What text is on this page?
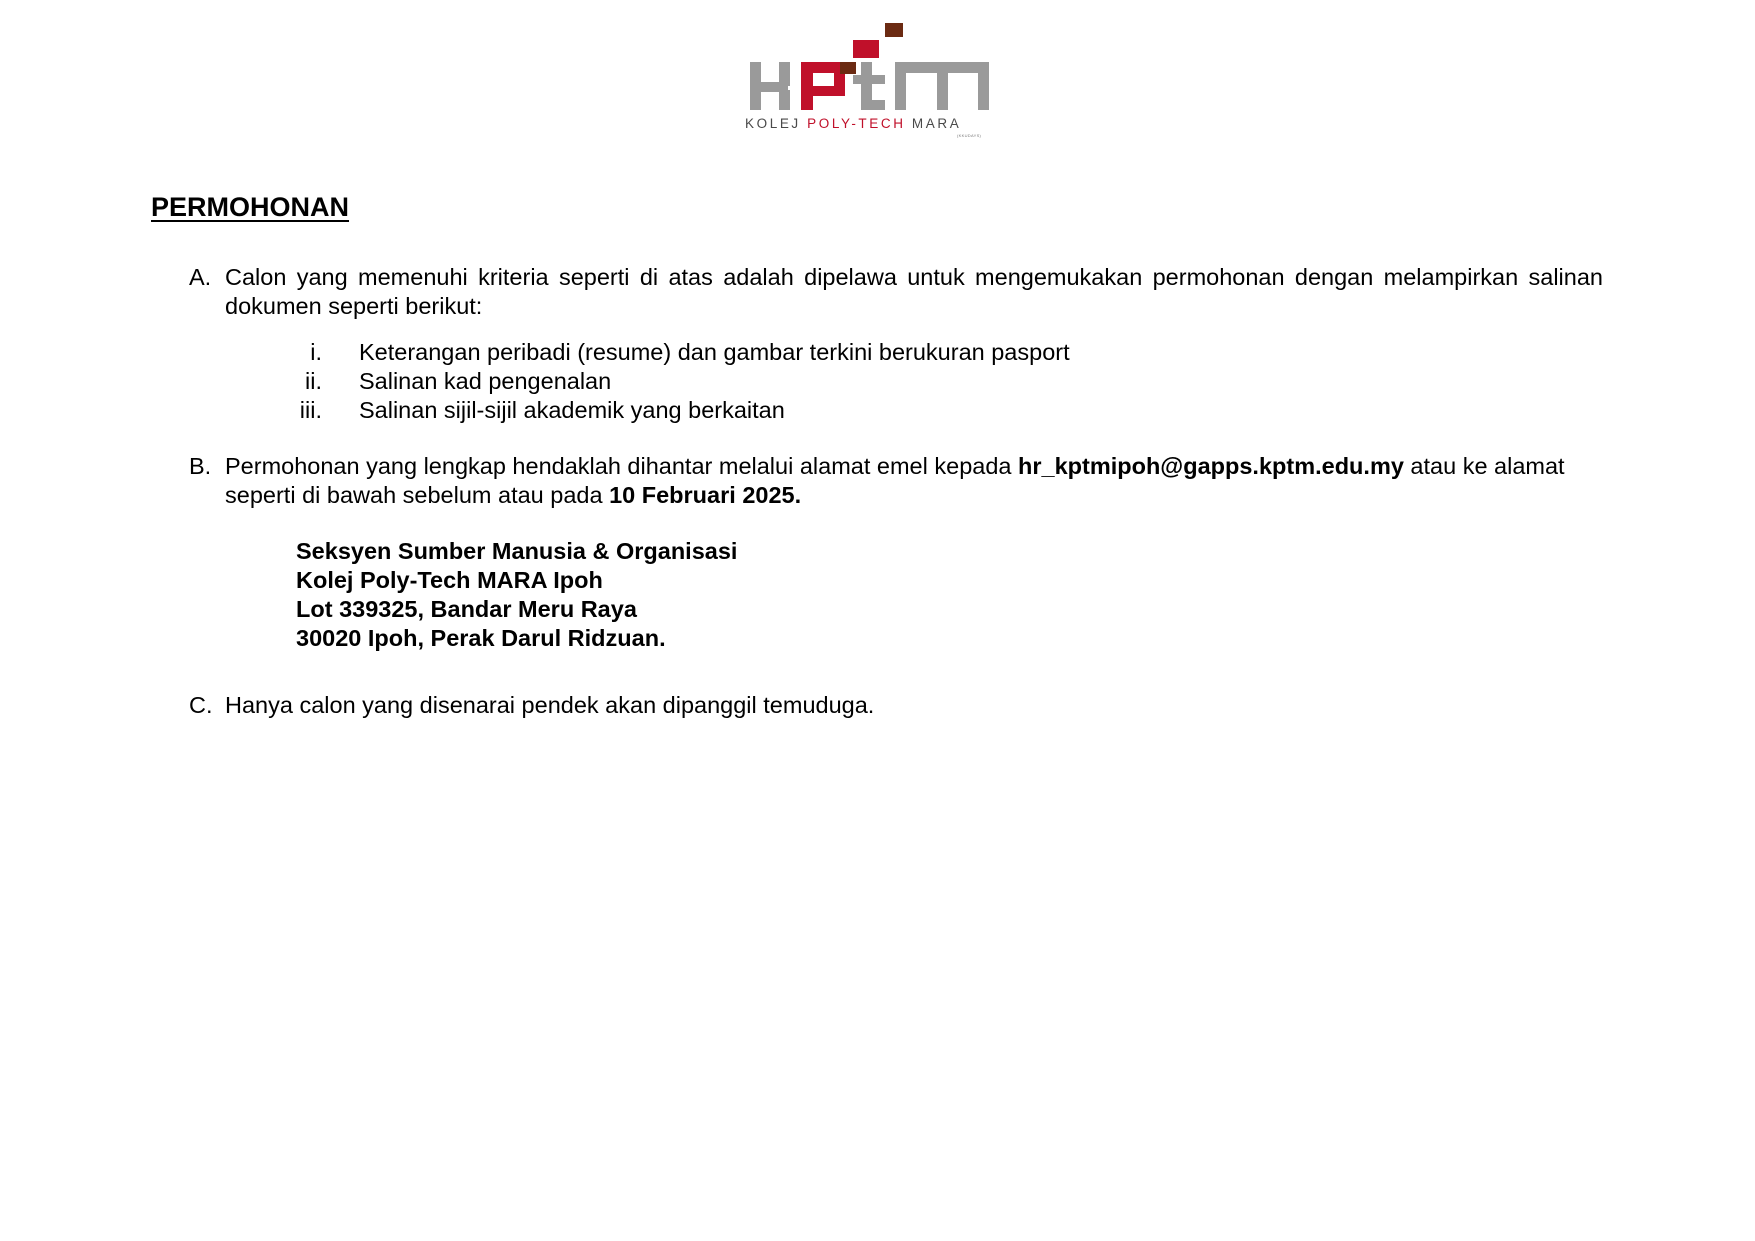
KOLEJ POLY-TECH MARA
(KKUDAYS)
PERMOHONAN
A. Calon yang memenuhi kriteria seperti di atas adalah dipelawa untuk mengemukakan permohonan dengan melampirkan salinan dokumen seperti berikut:
i. Keterangan peribadi (resume) dan gambar terkini berukuran pasport
ii. Salinan kad pengenalan
iii. Salinan sijil-sijil akademik yang berkaitan
B. Permohonan yang lengkap hendaklah dihantar melalui alamat emel kepada hr_kptmipoh@gapps.kptm.edu.my atau ke alamat seperti di bawah sebelum atau pada 10 Februari 2025.
Seksyen Sumber Manusia & Organisasi
Kolej Poly-Tech MARA Ipoh
Lot 339325, Bandar Meru Raya
30020 Ipoh, Perak Darul Ridzuan.
C. Hanya calon yang disenarai pendek akan dipanggil temuduga.
